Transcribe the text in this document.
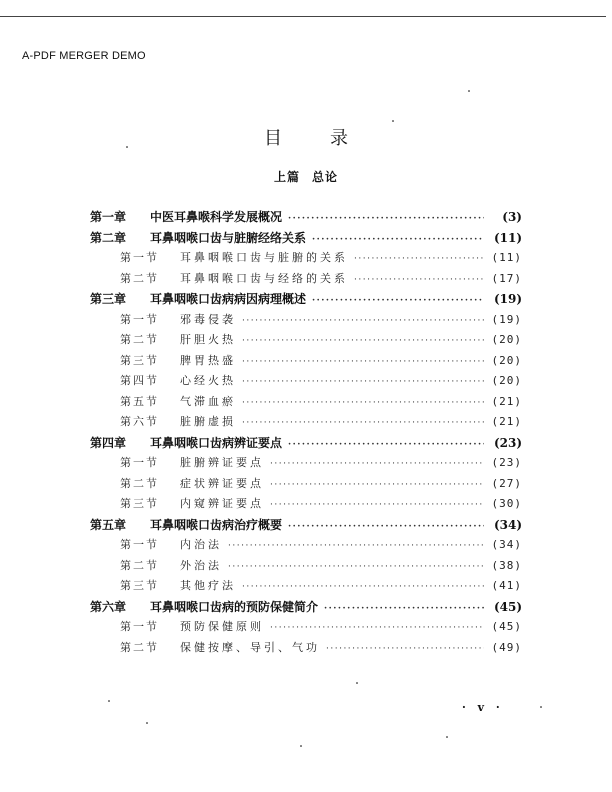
A-PDF MERGER DEMO
目录
上篇 总论
第一章	中医耳鼻喉科学发展概况 ·····	(3)
第二章	耳鼻咽喉口齿与脏腑经络关系 ·····	(11)
第一节	耳鼻咽喉口齿与脏腑的关系 ·····	(11)
第二节	耳鼻咽喉口齿与经络的关系 ·····	(17)
第三章	耳鼻咽喉口齿病病因病理概述 ·····	(19)
第一节	邪毒侵袭 ·····	(19)
第二节	肝胆火热 ·····	(20)
第三节	脾胃热盛 ·····	(20)
第四节	心经火热 ·····	(20)
第五节	气滞血瘀 ·····	(21)
第六节	脏腑虚损 ·····	(21)
第四章	耳鼻咽喉口齿病辨证要点 ·····	(23)
第一节	脏腑辨证要点 ·····	(23)
第二节	症状辨证要点 ·····	(27)
第三节	内窥辨证要点 ·····	(30)
第五章	耳鼻咽喉口齿病治疗概要 ·····	(34)
第一节	内治法 ·····	(34)
第二节	外治法 ·····	(38)
第三节	其他疗法 ·····	(41)
第六章	耳鼻咽喉口齿病的预防保健简介 ·····	(45)
第一节	预防保健原则 ·····	(45)
第二节	保健按摩、导引、气功 ·····	(49)
· v ·
